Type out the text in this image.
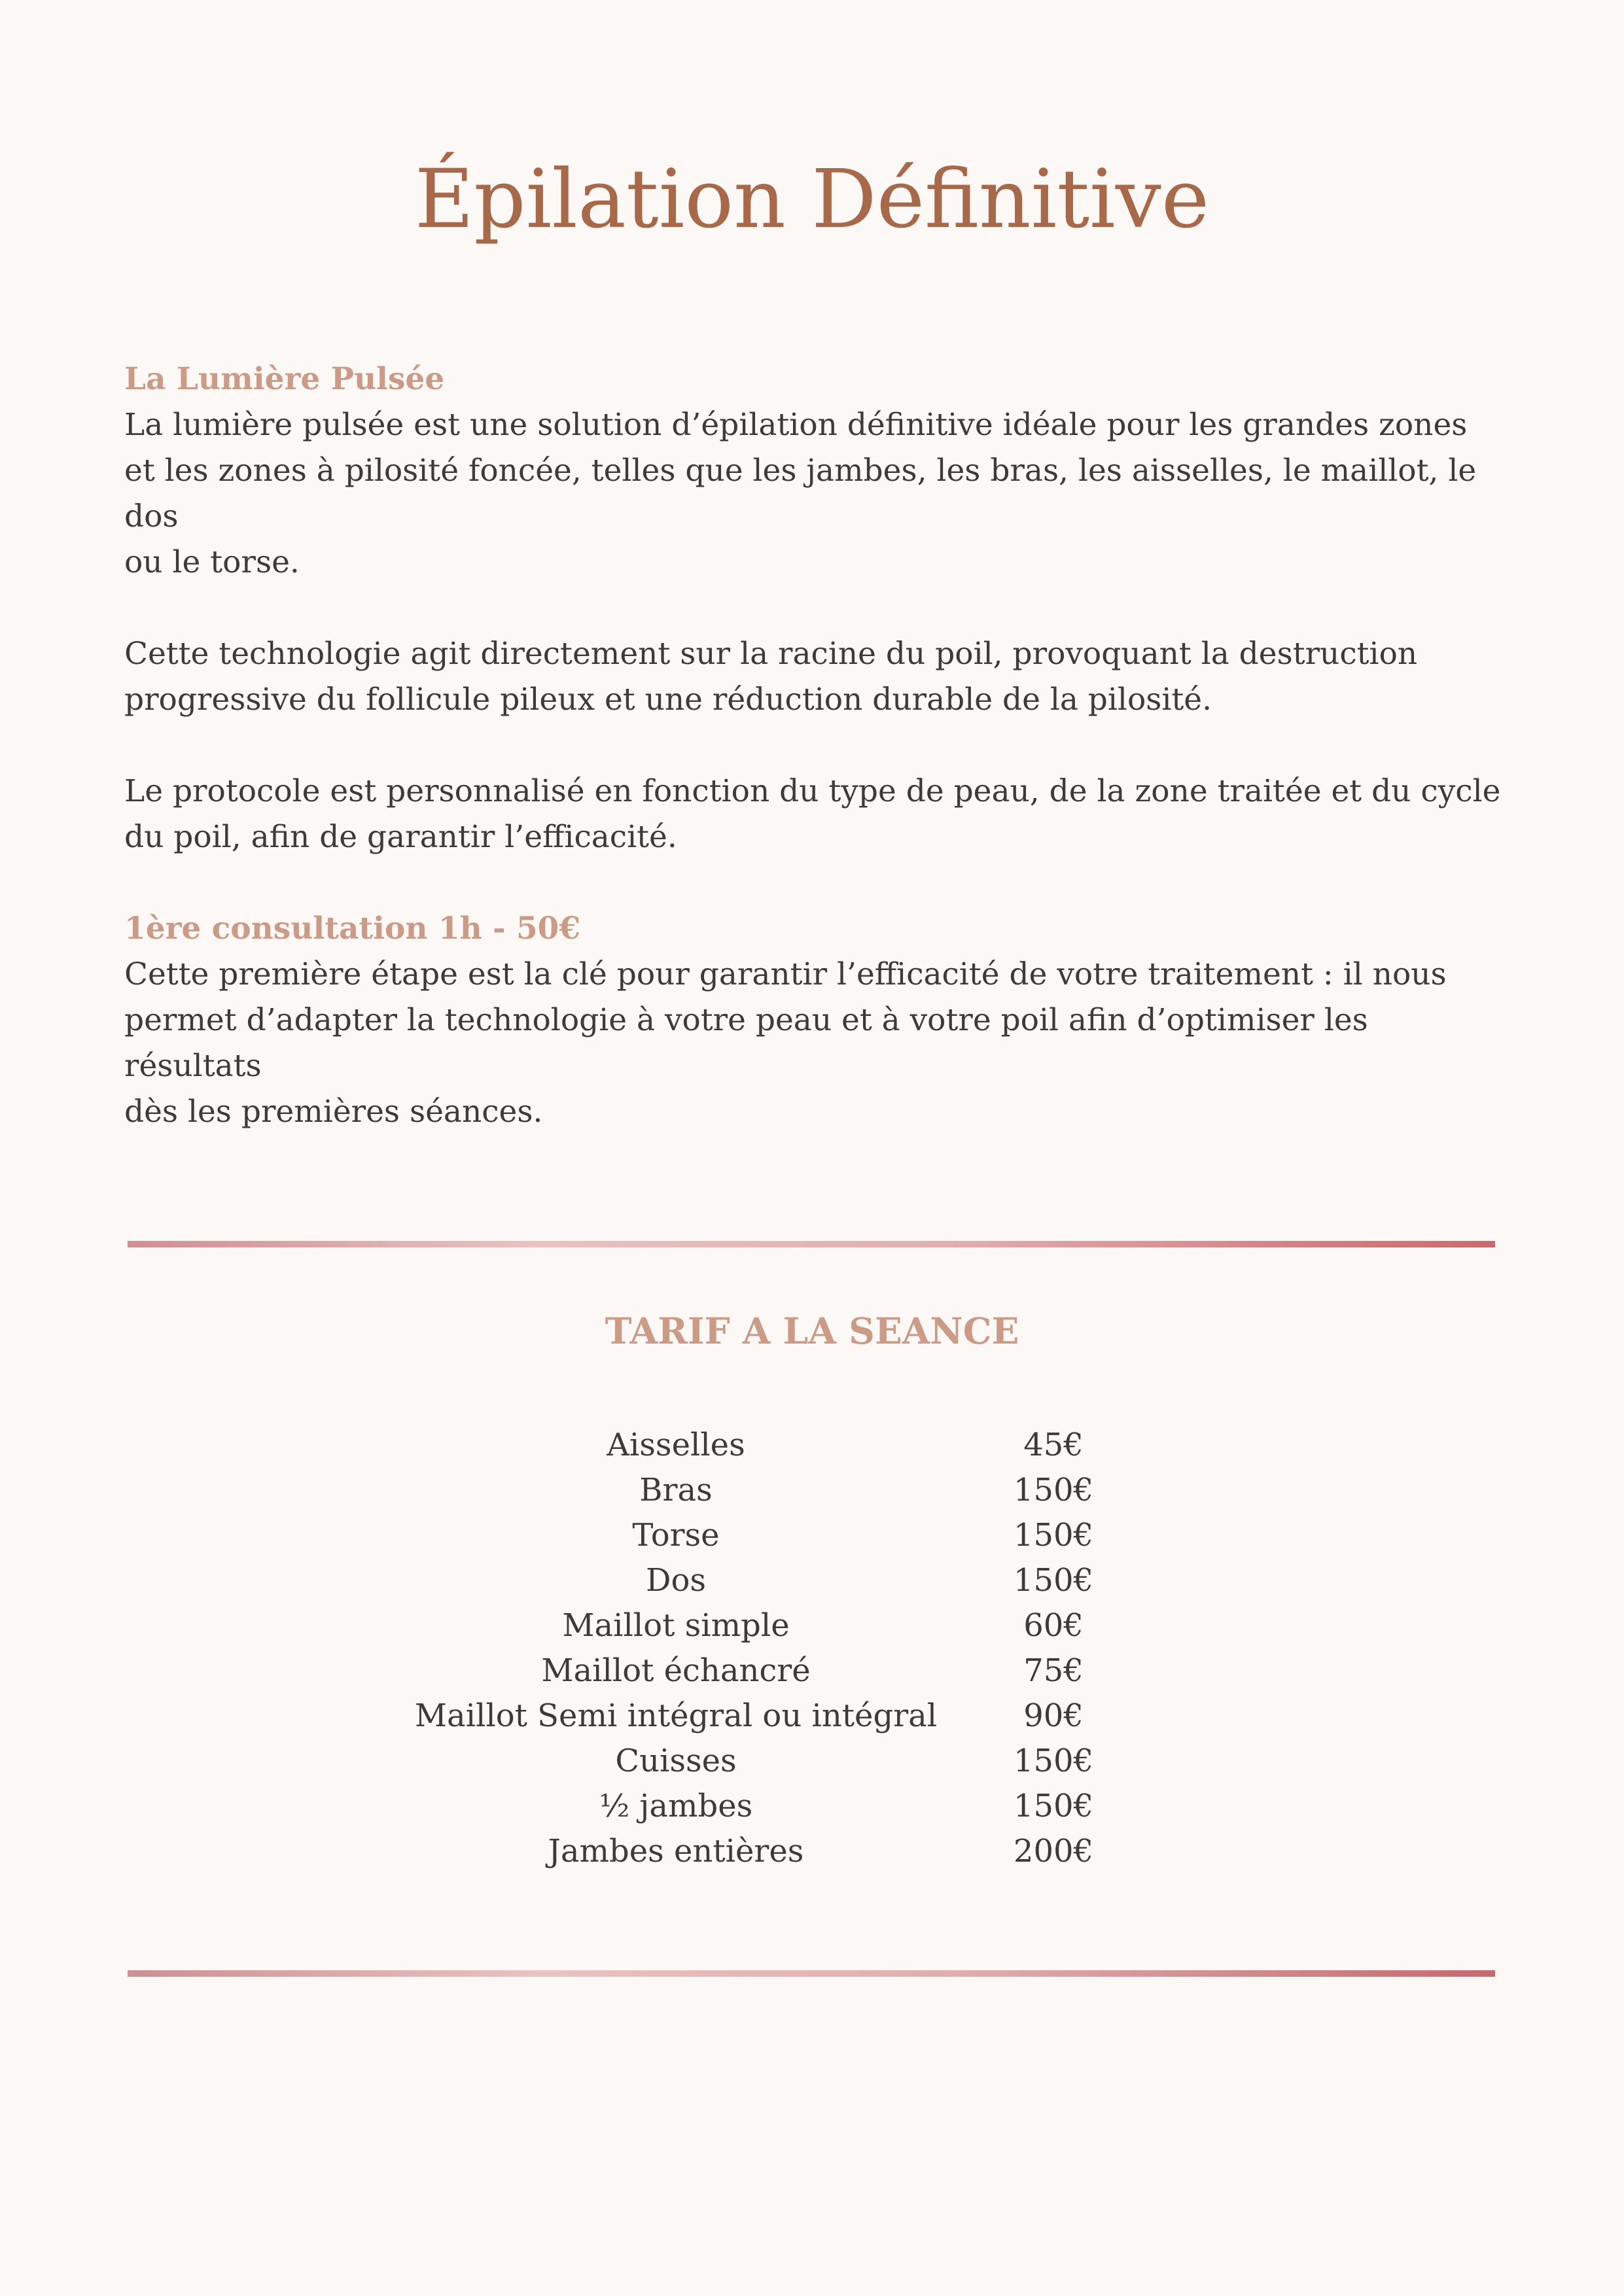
Épilation Définitive

La Lumière Pulsée

La lumière pulsée est une solution d’épilation définitive idéale pour les grandes zones

et les zones à pilosité foncée, telles que les jambes, les bras, les aisselles, le maillot, le dos

ou le torse.

Cette technologie agit directement sur la racine du poil, provoquant la destruction

progressive du follicule pileux et une réduction durable de la pilosité.

Le protocole est personnalisé en fonction du type de peau, de la zone traitée et du cycle

du poil, afin de garantir l’efficacité.

1ère consultation 1h - 50€

Cette première étape est la clé pour garantir l’efficacité de votre traitement : il nous

permet d’adapter la technologie à votre peau et à votre poil afin d’optimiser les résultats

dès les premières séances.

TARIF A LA SEANCE
Aisselles	45€
Bras	150€
Torse	150€
Dos	150€
Maillot simple	60€
Maillot échancré	75€
Maillot Semi intégral ou intégral	90€
Cuisses	150€
½ jambes	150€
Jambes entières	200€
